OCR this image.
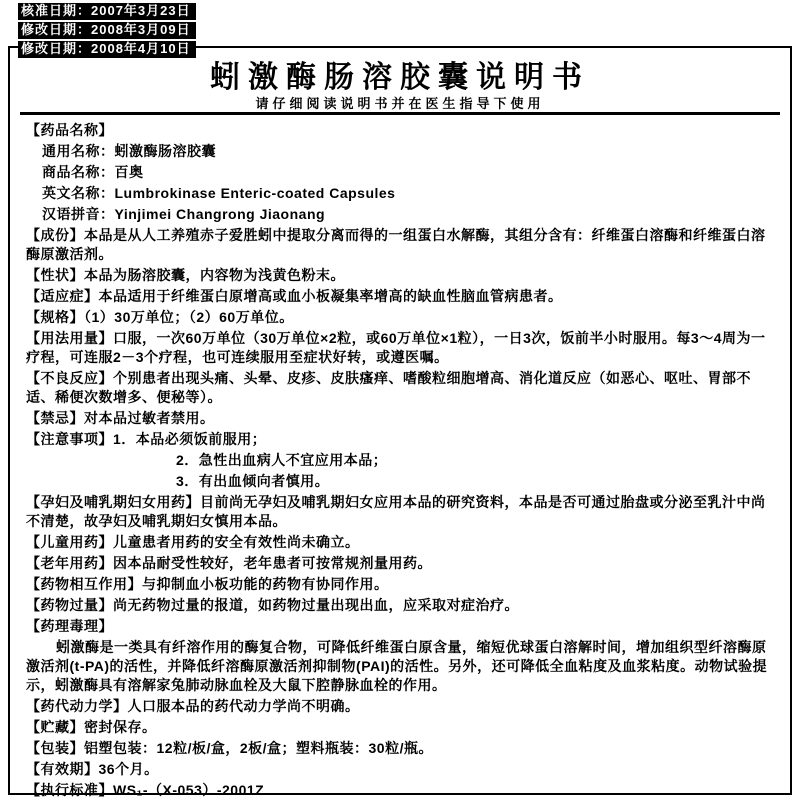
核准日期：2007年3月23日
修改日期：2008年3月09日
修改日期：2008年4月10日
蚓激酶肠溶胶囊说明书
请仔细阅读说明书并在医生指导下使用

【药品名称】

通用名称：蚓激酶肠溶胶囊

商品名称：百奥

英文名称：Lumbrokinase Enteric-coated Capsules

汉语拼音：Yinjimei Changrong Jiaonang

【成份】本品是从人工养殖赤子爱胜蚓中提取分离而得的一组蛋白水解酶，其组分含有：纤维蛋白溶酶和纤维蛋白溶酶原激活剂。

【性状】本品为肠溶胶囊，内容物为浅黄色粉末。

【适应症】本品适用于纤维蛋白原增高或血小板凝集率增高的缺血性脑血管病患者。

【规格】（1）30万单位；（2）60万单位。

【用法用量】口服，一次60万单位（30万单位×2粒，或60万单位×1粒），一日3次，饭前半小时服用。每3～4周为一疗程，可连服2－3个疗程，也可连续服用至症状好转，或遵医嘱。

【不良反应】个别患者出现头痛、头晕、皮疹、皮肤瘙痒、嗜酸粒细胞增高、消化道反应（如恶心、呕吐、胃部不适、稀便次数增多、便秘等）。

【禁忌】对本品过敏者禁用。

【注意事项】1．本品必须饭前服用；

2．急性出血病人不宜应用本品；

3．有出血倾向者慎用。

【孕妇及哺乳期妇女用药】目前尚无孕妇及哺乳期妇女应用本品的研究资料，本品是否可通过胎盘或分泌至乳汁中尚不清楚，故孕妇及哺乳期妇女慎用本品。

【儿童用药】儿童患者用药的安全有效性尚未确立。

【老年用药】因本品耐受性较好，老年患者可按常规剂量用药。

【药物相互作用】与抑制血小板功能的药物有协同作用。

【药物过量】尚无药物过量的报道，如药物过量出现出血，应采取对症治疗。

【药理毒理】

蚓激酶是一类具有纤溶作用的酶复合物，可降低纤维蛋白原含量，缩短优球蛋白溶解时间，增加组织型纤溶酶原激活剂(t-PA)的活性，并降低纤溶酶原激活剂抑制物(PAI)的活性。另外，还可降低全血粘度及血浆粘度。动物试验提示，蚓激酶具有溶解家兔肺动脉血栓及大鼠下腔静脉血栓的作用。

【药代动力学】人口服本品的药代动力学尚不明确。

【贮藏】密封保存。

【包装】铝塑包装：12粒/板/盒，2板/盒；塑料瓶装：30粒/瓶。

【有效期】36个月。

【执行标准】WS₁-（X-053）-2001Z
